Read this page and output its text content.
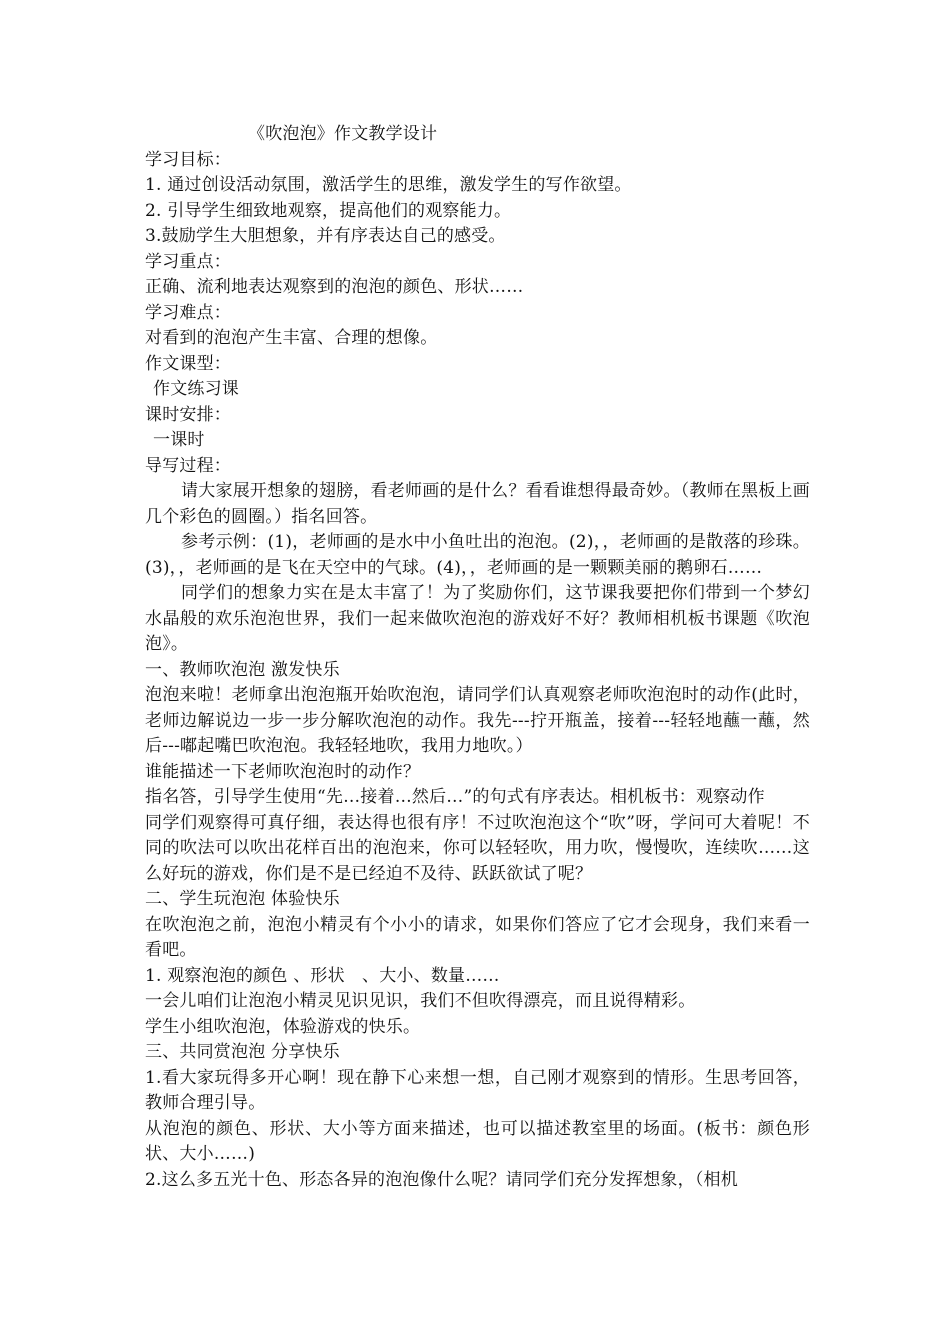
《吹泡泡》作文教学设计

学习目标：

1. 通过创设活动氛围，激活学生的思维，激发学生的写作欲望。

2. 引导学生细致地观察，提高他们的观察能力。

3.鼓励学生大胆想象，并有序表达自己的感受。

学习重点：

正确、流利地表达观察到的泡泡的颜色、形状……

学习难点：

对看到的泡泡产生丰富、合理的想像。

作文课型：

作文练习课

课时安排：

一课时

导写过程：

请大家展开想象的翅膀，看老师画的是什么？看看谁想得最奇妙。（教师在黑板上画几个彩色的圆圈。）指名回答。

参考示例：(1)，老师画的是水中小鱼吐出的泡泡。(2)，，老师画的是散落的珍珠。(3)，，老师画的是飞在天空中的气球。(4)，，老师画的是一颗颗美丽的鹅卵石……

同学们的想象力实在是太丰富了！为了奖励你们，这节课我要把你们带到一个梦幻水晶般的欢乐泡泡世界，我们一起来做吹泡泡的游戏好不好？教师相机板书课题《吹泡泡》。

一、教师吹泡泡 激发快乐

泡泡来啦！老师拿出泡泡瓶开始吹泡泡，请同学们认真观察老师吹泡泡时的动作(此时，老师边解说边一步一步分解吹泡泡的动作。我先---拧开瓶盖，接着---轻轻地蘸一蘸，然后---嘟起嘴巴吹泡泡。我轻轻地吹，我用力地吹。）

谁能描述一下老师吹泡泡时的动作？

指名答，引导学生使用“先…接着…然后…”的句式有序表达。相机板书：观察动作

同学们观察得可真仔细，表达得也很有序！不过吹泡泡这个“吹”呀，学问可大着呢！不同的吹法可以吹出花样百出的泡泡来，你可以轻轻吹，用力吹，慢慢吹，连续吹……这么好玩的游戏，你们是不是已经迫不及待、跃跃欲试了呢？

二、学生玩泡泡 体验快乐

在吹泡泡之前，泡泡小精灵有个小小的请求，如果你们答应了它才会现身，我们来看一看吧。

1. 观察泡泡的颜色 、形状　、大小、数量……

一会儿咱们让泡泡小精灵见识见识，我们不但吹得漂亮，而且说得精彩。

学生小组吹泡泡，体验游戏的快乐。

三、共同赏泡泡 分享快乐

1.看大家玩得多开心啊！现在静下心来想一想，自己刚才观察到的情形。生思考回答，教师合理引导。

从泡泡的颜色、形状、大小等方面来描述，也可以描述教室里的场面。(板书：颜色形状、大小……)

2.这么多五光十色、形态各异的泡泡像什么呢？请同学们充分发挥想象，（相机
